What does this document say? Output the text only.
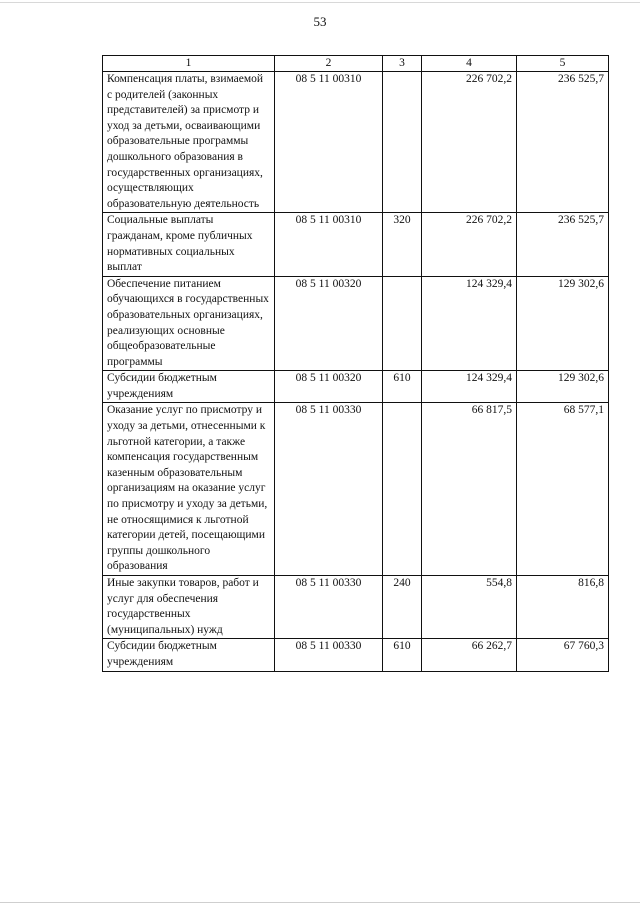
53
1	2	3	4	5
Компенсация платы, взимаемой с родителей (законных представителей) за присмотр и уход за детьми, осваивающими образовательные программы дошкольного образования в государственных организациях, осуществляющих образовательную деятельность	08 5 11 00310		226 702,2	236 525,7
Социальные выплаты гражданам, кроме публичных нормативных социальных выплат	08 5 11 00310	320	226 702,2	236 525,7
Обеспечение питанием обучающихся в государственных образовательных организациях, реализующих основные общеобразовательные программы	08 5 11 00320		124 329,4	129 302,6
Субсидии бюджетным учреждениям	08 5 11 00320	610	124 329,4	129 302,6
Оказание услуг по присмотру и уходу за детьми, отнесенными к льготной категории, а также компенсация государственным казенным образовательным организациям на оказание услуг по присмотру и уходу за детьми, не относящимися к льготной категории детей, посещающими группы дошкольного образования	08 5 11 00330		66 817,5	68 577,1
Иные закупки товаров, работ и услуг для обеспечения государственных (муниципальных) нужд	08 5 11 00330	240	554,8	816,8
Субсидии бюджетным учреждениям	08 5 11 00330	610	66 262,7	67 760,3
